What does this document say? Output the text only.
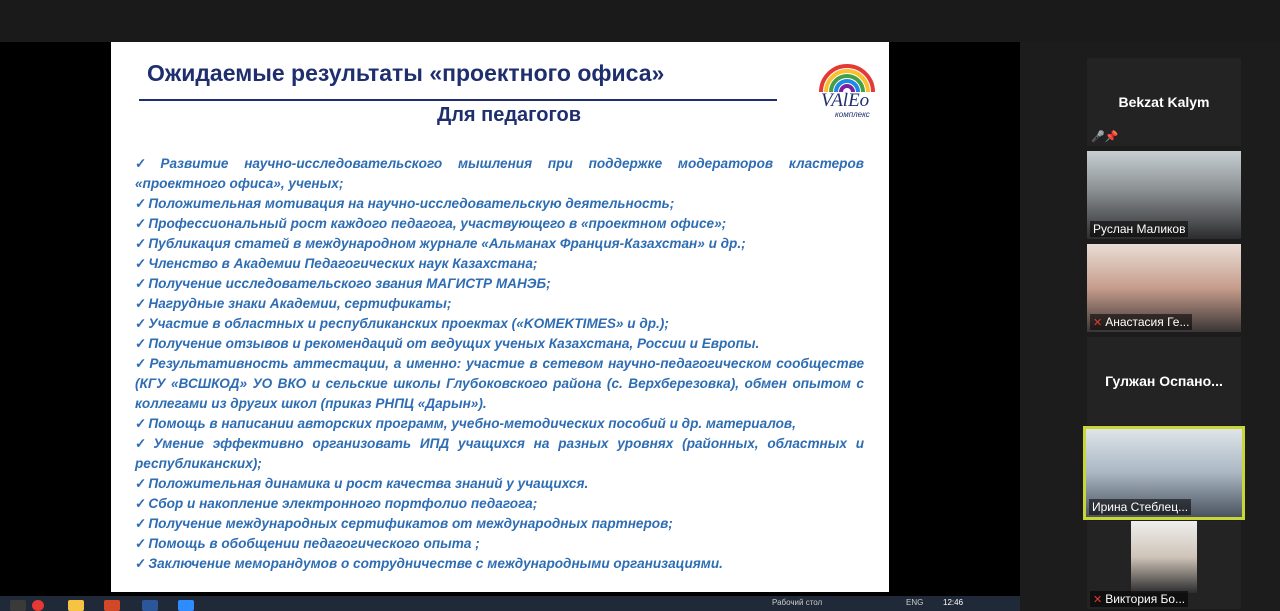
Ожидаемые результаты «проектного офиса»
Для педагогов
VAlEo
комплекс
✓ Развитие научно-исследовательского мышления при поддержке модераторов кластеров «проектного офиса», ученых;
✓ Положительная мотивация на научно-исследовательскую деятельность;
✓ Профессиональный рост каждого педагога, участвующего в «проектном офисе»;
✓ Публикация статей в международном журнале «Альманах Франция-Казахстан» и др.;
✓ Членство в Академии Педагогических наук Казахстана;
✓ Получение исследовательского звания МАГИСТР МАНЭБ;
✓ Нагрудные знаки Академии, сертификаты;
✓ Участие в областных и республиканских проектах («KOMEKTIMES» и др.);
✓ Получение отзывов и рекомендаций от ведущих ученых Казахстана, России и Европы.
✓ Результативность аттестации, а именно: участие в сетевом научно-педагогическом сообществе (КГУ «ВСШКОД» УО ВКО и сельские школы Глубоковского района (с. Верхберезовка), обмен опытом с коллегами из других школ (приказ РНПЦ «Дарын»).
✓ Помощь в написании авторских программ, учебно-методических пособий и др. материалов,
✓ Умение эффективно организовать ИПД учащихся на разных уровнях (районных, областных и республиканских);
✓ Положительная динамика и рост качества знаний у учащихся.
✓ Сбор и накопление электронного портфолио педагога;
✓ Получение международных сертификатов от международных партнеров;
✓ Помощь в обобщении педагогического опыта ;
✓ Заключение меморандумов о сотрудничестве с международными организациями.
Рабочий стол	ENG 12:46
Bekzat Kalym
🎤📌
Руслан Маликов
✕ Анастасия Ге...
Гулжан Оспано...
Ирина Стеблец...
✕ Виктория Бо...
